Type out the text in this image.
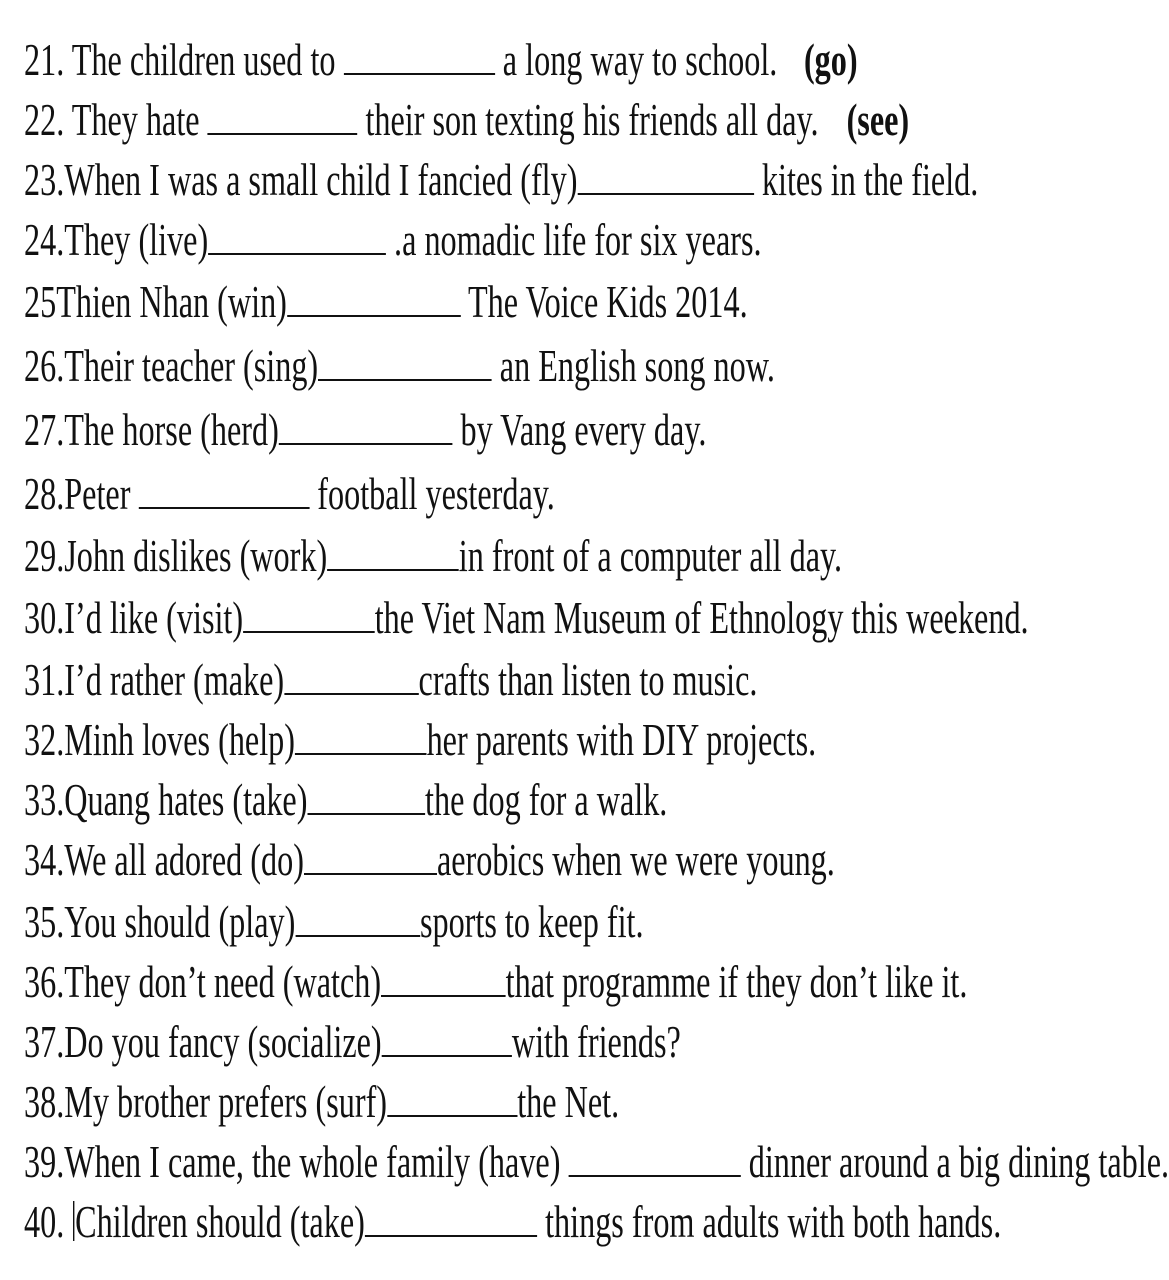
21. The children used to	a long way to school. (go)
22. They hate	their son texting his friends all day. (see)
23.When I was a small child I fancied (fly)	kites in the field.
24.They (live)	.a nomadic life for six years.
25Thien Nhan (win)	The Voice Kids 2014.
26.Their teacher (sing)	an English song now.
27.The horse (herd)	by Vang every day.
28.Peter	football yesterday.
29.John dislikes (work)	in front of a computer all day.
30.I’d like (visit)	the Viet Nam Museum of Ethnology this weekend.
31.I’d rather (make)	crafts than listen to music.
32.Minh loves (help)	her parents with DIY projects.
33.Quang hates (take)	the dog for a walk.
34.We all adored (do)	aerobics when we were young.
35.You should (play)	sports to keep fit.
36.They don’t need (watch)	that programme if they don’t like it.
37.Do you fancy (socialize)	with friends?
38.My brother prefers (surf)	the Net.
39.When I came, the whole family (have)	dinner around a big dining table.
40. Children should (take)	things from adults with both hands.
